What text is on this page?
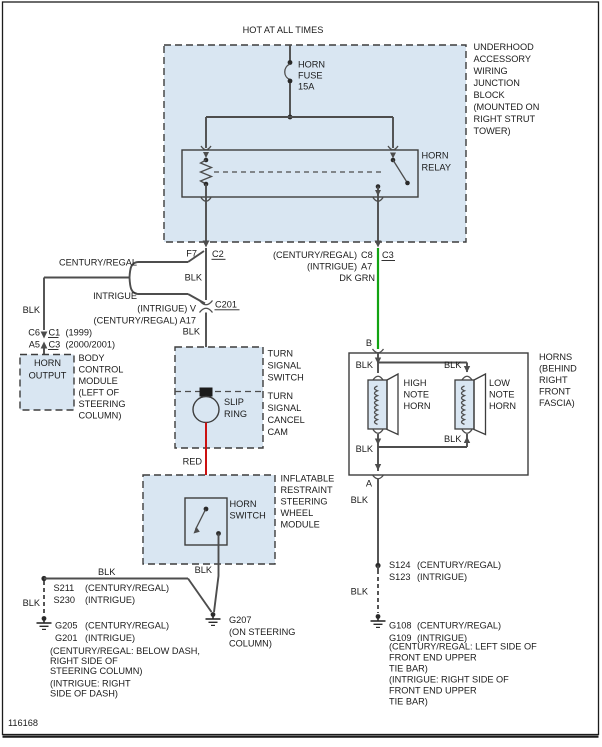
116168
UNDERHOOD
ACCESSORY
WIRING
JUNCTION
BLOCK
(MOUNTED ON
RIGHT STRUT
TOWER)
HOT AT ALL TIMES
HORN
FUSE
15A
HORN
RELAY
F7 C2
BLK
(CENTURY/REGAL) C8 C3
(INTRIGUE) A7
DK GRN
CENTURY/REGAL
INTRIGUE
C201
(INTRIGUE) V
(CENTURY/REGAL) A17
BLK
BLK
C6 C1 (1999)
A5 C3 (2000/2001)
HORN
OUTPUT
BODY
CONTROL
MODULE
(LEFT OF
STEERING
COLUMN)
SLIP
RING
TURN
SIGNAL
SWITCH
TURN
SIGNAL
CANCEL
CAM
RED
HORN
SWITCH
INFLATABLE
RESTRAINT
STEERING
WHEEL
MODULE
BLK
BLK
BLK
S211 (CENTURY/REGAL)
S230 (INTRIGUE)
G205 (CENTURY/REGAL)
G201 (INTRIGUE)
(CENTURY/REGAL: BELOW DASH,
RIGHT SIDE OF
STEERING COLUMN)
(INTRIGUE: RIGHT
SIDE OF DASH)
G207
(ON STEERING
COLUMN)
B
BLK	BLK
HIGH
NOTE
HORN
LOW
NOTE
HORN
BLK
BLK
HORNS
(BEHIND
RIGHT
FRONT
FASCIA)
A
BLK
S124 (CENTURY/REGAL)
S123 (INTRIGUE)
BLK
G108 (CENTURY/REGAL)
G109 (INTRIGUE)
(CENTURY/REGAL: LEFT SIDE OF
FRONT END UPPER
TIE BAR)
(INTRIGUE: RIGHT SIDE OF
FRONT END UPPER
TIE BAR)
